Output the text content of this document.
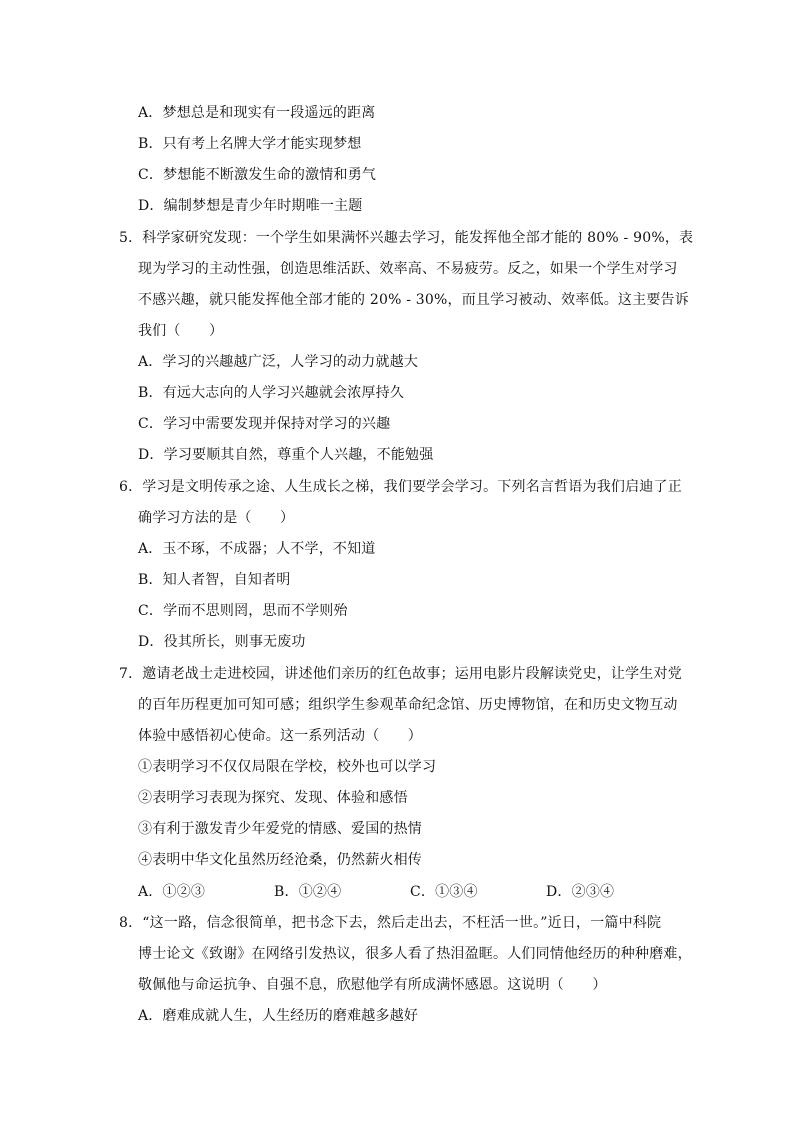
A．梦想总是和现实有一段遥远的距离
B．只有考上名牌大学才能实现梦想
C．梦想能不断激发生命的激情和勇气
D．编制梦想是青少年时期唯一主题
5．科学家研究发现：一个学生如果满怀兴趣去学习，能发挥他全部才能的 80% - 90%，表
现为学习的主动性强，创造思维活跃、效率高、不易疲劳。反之，如果一个学生对学习
不感兴趣，就只能发挥他全部才能的 20% - 30%，而且学习被动、效率低。这主要告诉
我们（　　）
A．学习的兴趣越广泛，人学习的动力就越大
B．有远大志向的人学习兴趣就会浓厚持久
C．学习中需要发现并保持对学习的兴趣
D．学习要顺其自然，尊重个人兴趣，不能勉强
6．学习是文明传承之途、人生成长之梯，我们要学会学习。下列名言哲语为我们启迪了正
确学习方法的是（　　）
A．玉不琢，不成器；人不学，不知道
B．知人者智，自知者明
C．学而不思则罔，思而不学则殆
D．役其所长，则事无废功
7．邀请老战士走进校园，讲述他们亲历的红色故事；运用电影片段解读党史，让学生对党
的百年历程更加可知可感；组织学生参观革命纪念馆、历史博物馆，在和历史文物互动
体验中感悟初心使命。这一系列活动（　　）
①表明学习不仅仅局限在学校，校外也可以学习
②表明学习表现为探究、发现、体验和感悟
③有利于激发青少年爱党的情感、爱国的热情
④表明中华文化虽然历经沧桑，仍然薪火相传
A．①②③	B．①②④	C．①③④	D．②③④
8．“这一路，信念很简单，把书念下去，然后走出去，不枉活一世。”近日，一篇中科院
博士论文《致谢》在网络引发热议，很多人看了热泪盈眶。人们同情他经历的种种磨难，
敬佩他与命运抗争、自强不息，欣慰他学有所成满怀感恩。这说明（　　）
A．磨难成就人生，人生经历的磨难越多越好
